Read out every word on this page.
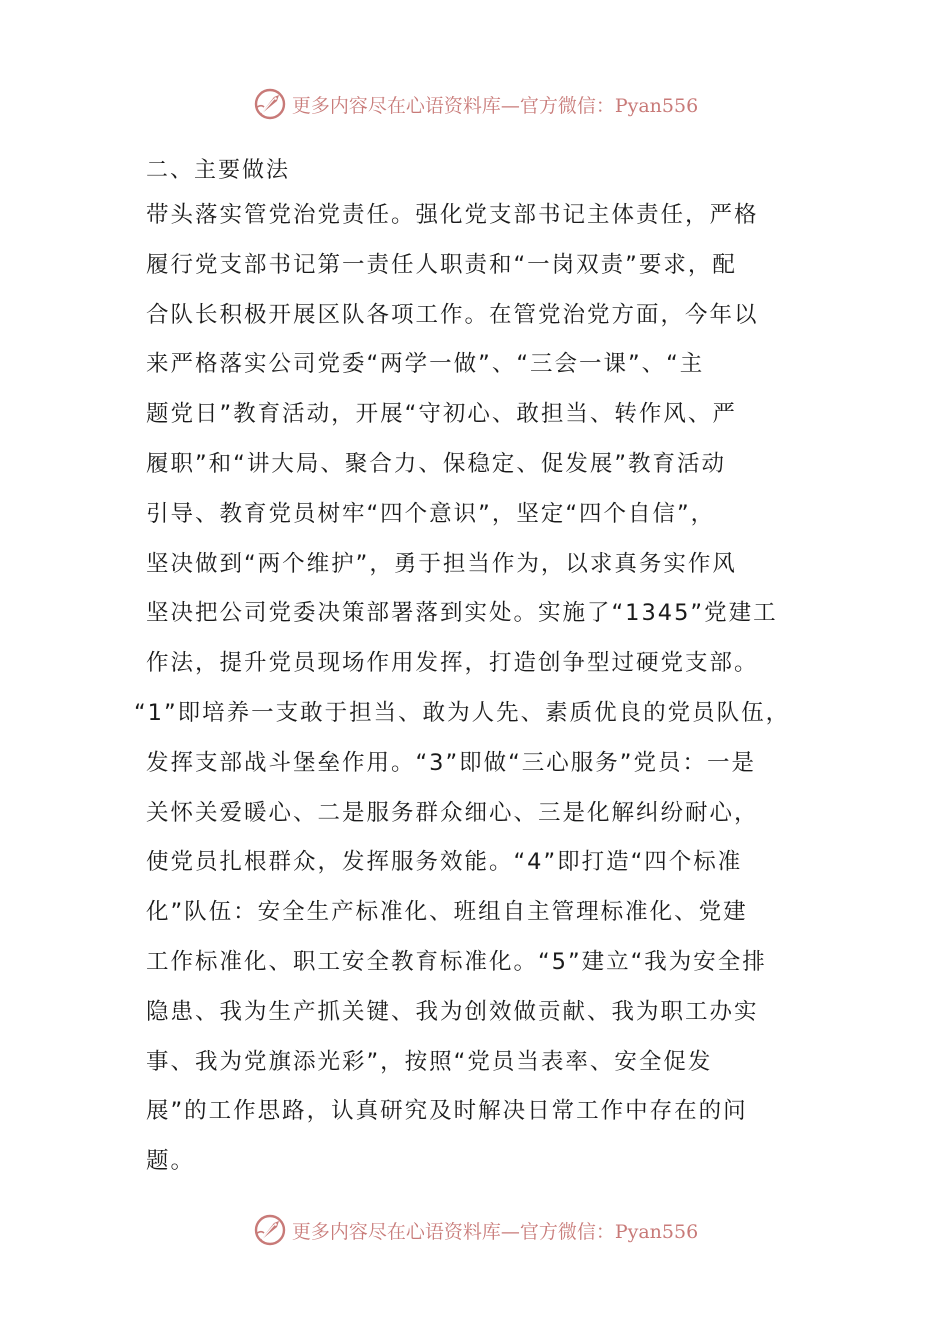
更多内容尽在心语资料库—官方微信：Pyan556
二、主要做法
带头落实管党治党责任。强化党支部书记主体责任，严格
履行党支部书记第一责任人职责和“一岗双责”要求，配
合队长积极开展区队各项工作。在管党治党方面，今年以
来严格落实公司党委“两学一做”、“三会一课”、“主
题党日”教育活动，开展“守初心、敢担当、转作风、严
履职”和“讲大局、聚合力、保稳定、促发展”教育活动
引导、教育党员树牢“四个意识”，坚定“四个自信”，
坚决做到“两个维护”，勇于担当作为，以求真务实作风
坚决把公司党委决策部署落到实处。实施了“1345”党建工
作法，提升党员现场作用发挥，打造创争型过硬党支部。
“1”即培养一支敢于担当、敢为人先、素质优良的党员队伍，
发挥支部战斗堡垒作用。“3”即做“三心服务”党员：一是
关怀关爱暖心、二是服务群众细心、三是化解纠纷耐心，
使党员扎根群众，发挥服务效能。“4”即打造“四个标准
化”队伍：安全生产标准化、班组自主管理标准化、党建
工作标准化、职工安全教育标准化。“5”建立“我为安全排
隐患、我为生产抓关键、我为创效做贡献、我为职工办实
事、我为党旗添光彩”，按照“党员当表率、安全促发
展”的工作思路，认真研究及时解决日常工作中存在的问
题。
更多内容尽在心语资料库—官方微信：Pyan556
